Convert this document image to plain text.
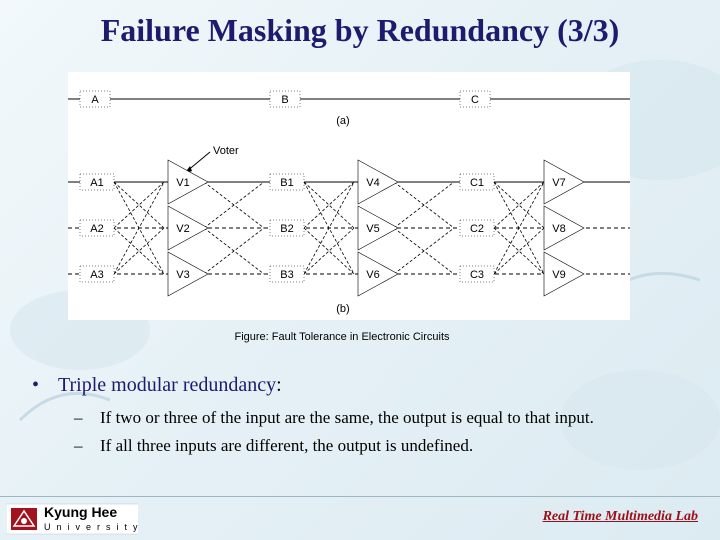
Failure Masking by Redundancy (3/3)
A	B	C
(a)
Voter
A1	V1	B1	V4	C1	V7
A2	V2	B2	V5	C2	V8
A3	V3	B3	V6	C3	V9
(b)
Figure: Fault Tolerance in Electronic Circuits
• Triple modular redundancy:
– If two or three of the input are the same, the output is equal to that input.
– If all three inputs are different, the output is undefined.
Kyung Hee
University
Real Time Multimedia Lab
